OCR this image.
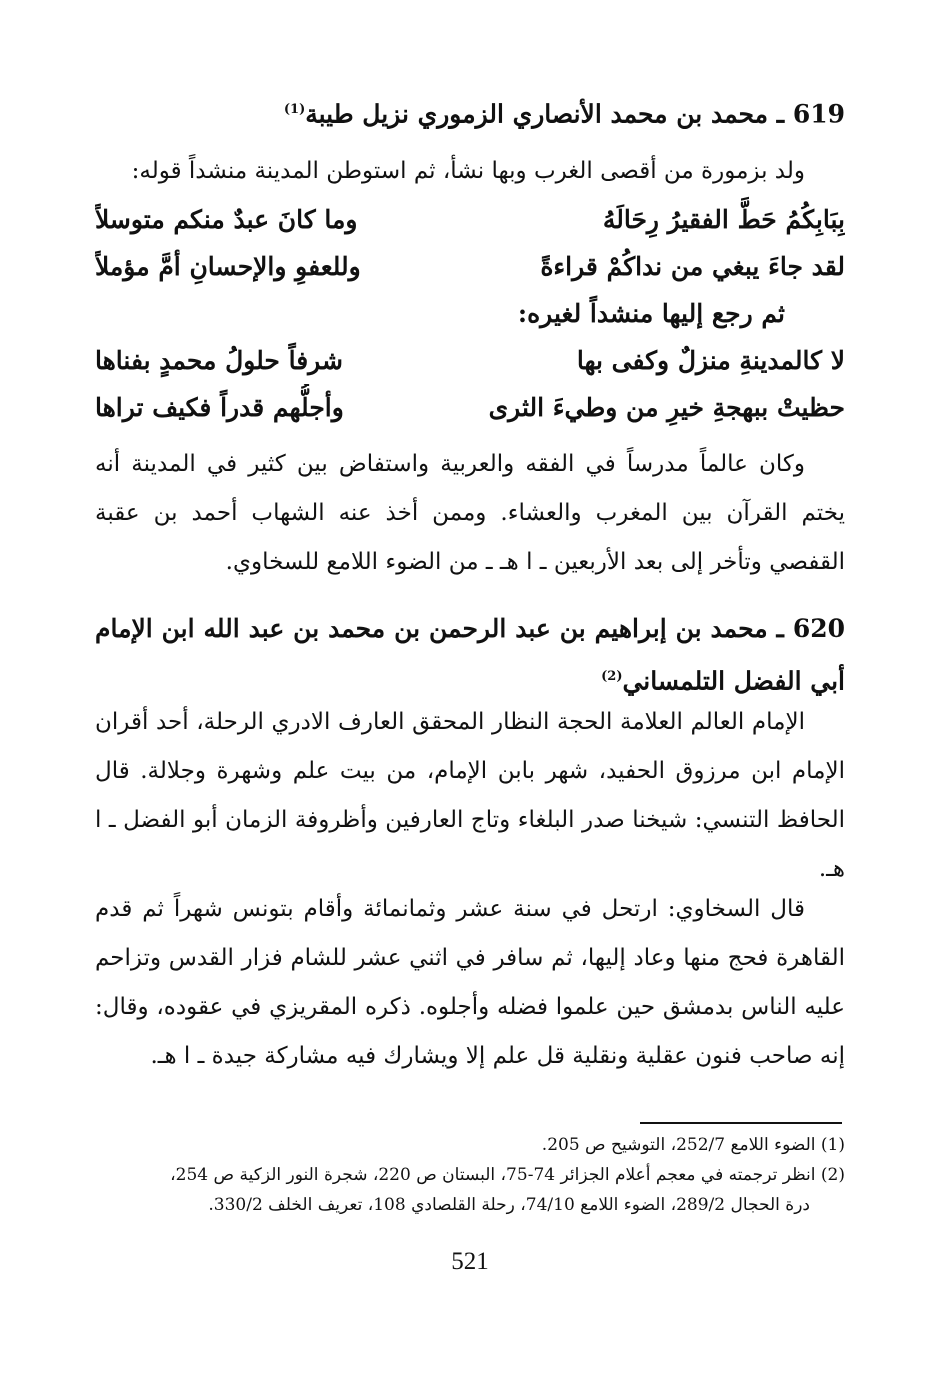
619 ـ محمد بن محمد الأنصاري الزموري نزيل طيبة$^{(1)}$
ولد بزمورة من أقصى الغرب وبها نشأ، ثم استوطن المدينة منشداً قوله:
بِبَابِكُمُ حَطَّ الفقيرُ رِحَالَهُ
وما كانَ عبدٌ منكم متوسلاً
لقد جاءَ يبغي من نداكُمْ قراءةً
وللعفوِ والإحسانِ أمَّ مؤملاً
ثم رجع إليها منشداً لغيره:
لا كالمدينةِ منزلٌ وكفى بها
شرفاً حلولُ محمدٍ بفناها
حظيتْ ببهجةِ خيرِ من وطيءَ الثرى
وأجلُّهم قدراً فكيف تراها
وكان عالماً مدرساً في الفقه والعربية واستفاض بين كثير في المدينة أنه يختم القرآن بين المغرب والعشاء. وممن أخذ عنه الشهاب أحمد بن عقبة القفصي وتأخر إلى بعد الأربعين ـ ا هـ ـ من الضوء اللامع للسخاوي.
620 ـ محمد بن إبراهيم بن عبد الرحمن بن محمد بن عبد الله ابن الإمام أبي الفضل التلمساني$^{(2)}$
الإمام العالم العلامة الحجة النظار المحقق العارف الادري الرحلة، أحد أقران الإمام ابن مرزوق الحفيد، شهر بابن الإمام، من بيت علم وشهرة وجلالة. قال الحافظ التنسي: شيخنا صدر البلغاء وتاج العارفين وأظروفة الزمان أبو الفضل ـ ا هـ.
قال السخاوي: ارتحل في سنة عشر وثمانمائة وأقام بتونس شهراً ثم قدم القاهرة فحج منها وعاد إليها، ثم سافر في اثني عشر للشام فزار القدس وتزاحم عليه الناس بدمشق حين علموا فضله وأجلوه. ذكره المقريزي في عقوده، وقال: إنه صاحب فنون عقلية ونقلية قل علم إلا ويشارك فيه مشاركة جيدة ـ ا هـ.
(1) الضوء اللامع 252/7، التوشيح ص 205.
(2) انظر ترجمته في معجم أعلام الجزائر 74-75، البستان ص 220، شجرة النور الزكية ص 254،
درة الحجال 289/2، الضوء اللامع 74/10، رحلة القلصادي 108، تعريف الخلف 330/2.
521
